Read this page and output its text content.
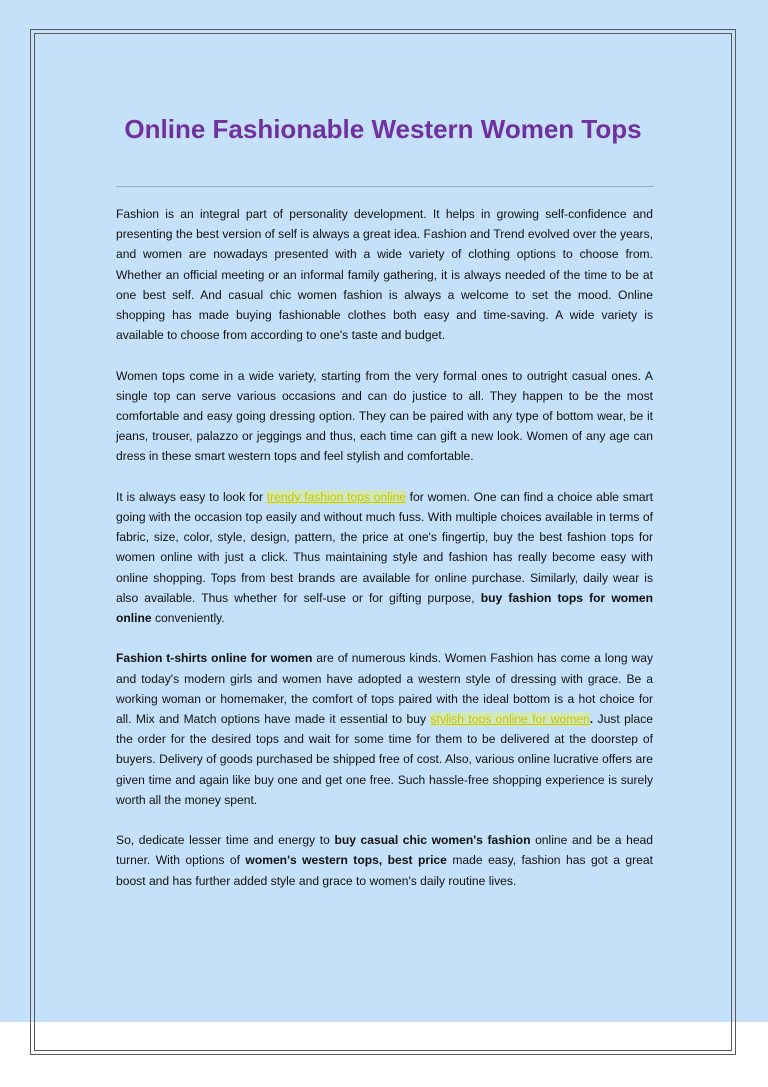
Online Fashionable Western Women Tops

Fashion is an integral part of personality development. It helps in growing self-confidence and presenting the best version of self is always a great idea. Fashion and Trend evolved over the years, and women are nowadays presented with a wide variety of clothing options to choose from. Whether an official meeting or an informal family gathering, it is always needed of the time to be at one best self. And casual chic women fashion is always a welcome to set the mood. Online shopping has made buying fashionable clothes both easy and time-saving. A wide variety is available to choose from according to one's taste and budget.

Women tops come in a wide variety, starting from the very formal ones to outright casual ones. A single top can serve various occasions and can do justice to all. They happen to be the most comfortable and easy going dressing option. They can be paired with any type of bottom wear, be it jeans, trouser, palazzo or jeggings and thus, each time can gift a new look. Women of any age can dress in these smart western tops and feel stylish and comfortable.

It is always easy to look for trendy fashion tops online for women. One can find a choice able smart going with the occasion top easily and without much fuss. With multiple choices available in terms of fabric, size, color, style, design, pattern, the price at one's fingertip, buy the best fashion tops for women online with just a click. Thus maintaining style and fashion has really become easy with online shopping. Tops from best brands are available for online purchase. Similarly, daily wear is also available. Thus whether for self-use or for gifting purpose, buy fashion tops for women online conveniently.

Fashion t-shirts online for women are of numerous kinds. Women Fashion has come a long way and today's modern girls and women have adopted a western style of dressing with grace. Be a working woman or homemaker, the comfort of tops paired with the ideal bottom is a hot choice for all. Mix and Match options have made it essential to buy stylish tops online for women. Just place the order for the desired tops and wait for some time for them to be delivered at the doorstep of buyers. Delivery of goods purchased be shipped free of cost. Also, various online lucrative offers are given time and again like buy one and get one free. Such hassle-free shopping experience is surely worth all the money spent.

So, dedicate lesser time and energy to buy casual chic women's fashion online and be a head turner. With options of women's western tops, best price made easy, fashion has got a great boost and has further added style and grace to women's daily routine lives.
